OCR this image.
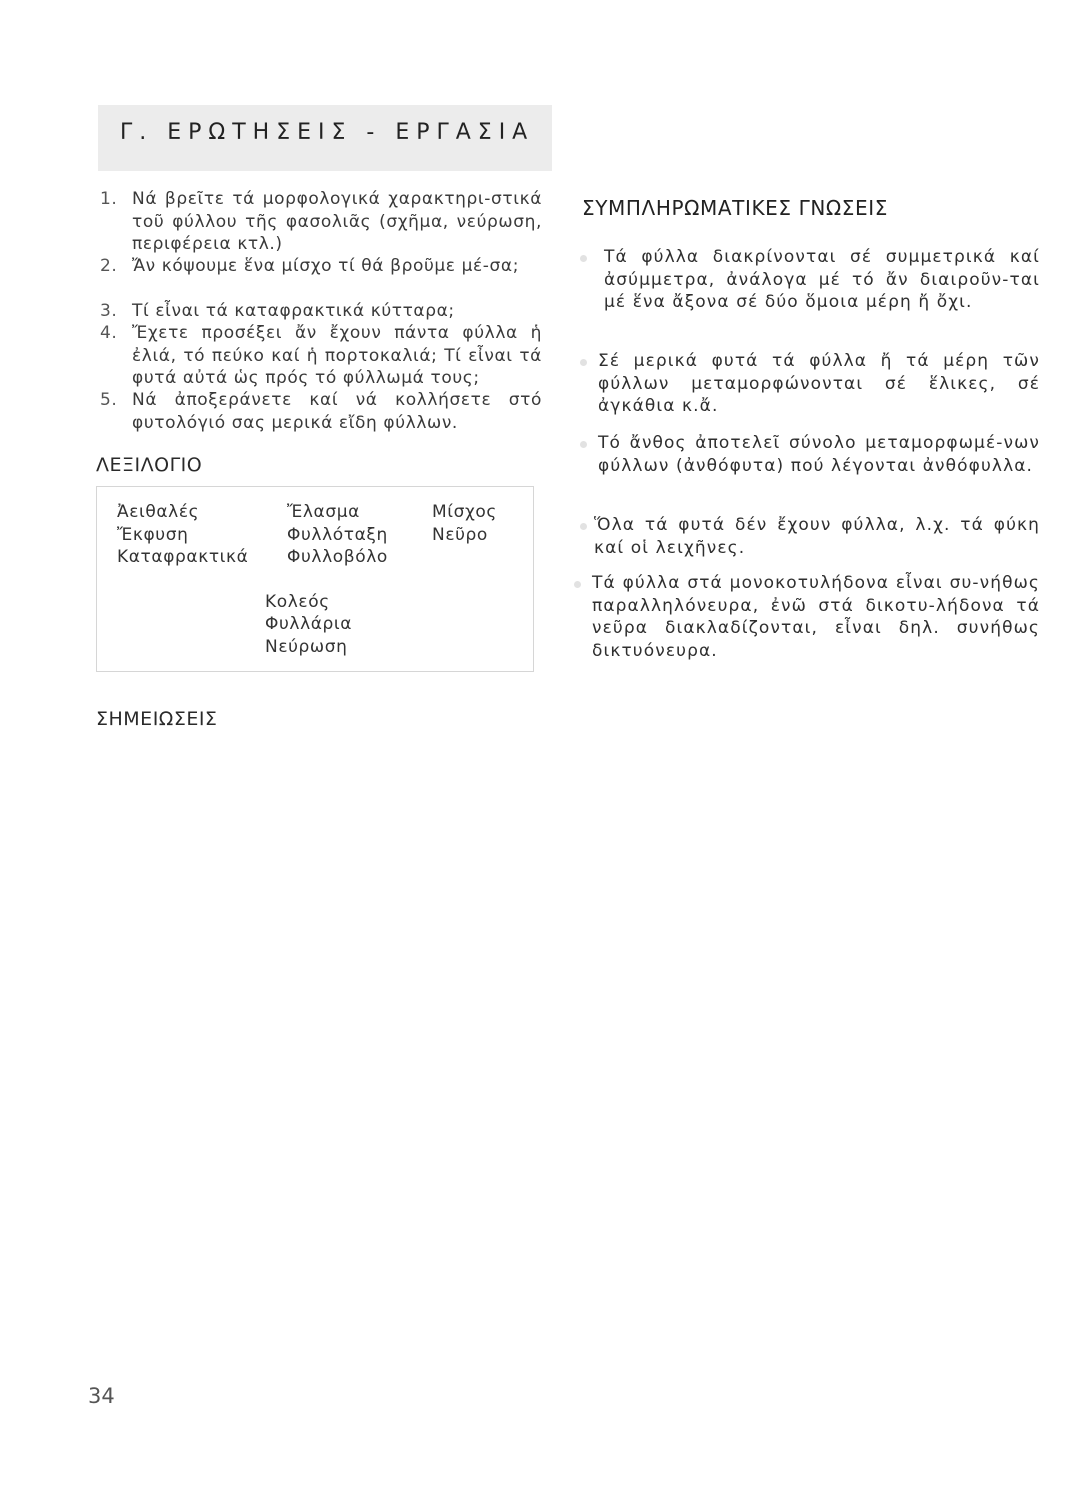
Γ. ΕΡΩΤΗΣΕΙΣ - ΕΡΓΑΣΙΑ
1. Νά βρεῖτε τά μορφολογικά χαρακτηρι-στικά τοῦ φύλλου τῆς φασολιᾶς (σχῆμα, νεύρωση, περιφέρεια κτλ.)
2. Ἄν κόψουμε ἕνα μίσχο τί θά βροῦμε μέ-σα;
3. Τί εἶναι τά καταφρακτικά κύτταρα;
4. Ἔχετε προσέξει ἄν ἔχουν πάντα φύλλα ἡ ἐλιά, τό πεύκο καί ἡ πορτοκαλιά; Τί εἶναι τά φυτά αὐτά ὡς πρός τό φύλλωμά τους;
5. Νά ἀποξεράνετε καί νά κολλήσετε στό φυτολόγιό σας μερικά εἴδη φύλλων.
ΛΕΞΙΛΟΓΙΟ
Ἀειθαλές
Ἔκφυση
Καταφρακτικά
Ἔλασμα
Φυλλόταξη
Φυλλοβόλο
Μίσχος
Νεῦρο
Κολεός
Φυλλάρια
Νεύρωση
ΣΗΜΕΙΩΣΕΙΣ
ΣΥΜΠΛΗΡΩΜΑΤΙΚΕΣ ΓΝΩΣΕΙΣ
Τά φύλλα διακρίνονται σέ συμμετρικά καί ἀσύμμετρα, ἀνάλογα μέ τό ἄν διαιροῦν-ται μέ ἕνα ἄξονα σέ δύο ὅμοια μέρη ἤ ὄχι.
Σέ μερικά φυτά τά φύλλα ἤ τά μέρη τῶν φύλλων μεταμορφώνονται σέ ἕλικες, σέ ἀγκάθια κ.ἄ.
Τό ἄνθος ἀποτελεῖ σύνολο μεταμορφωμέ-νων φύλλων (ἀνθόφυτα) πού λέγονται ἀνθόφυλλα.
Ὅλα τά φυτά δέν ἔχουν φύλλα, λ.χ. τά φύκη καί οἱ λειχῆνες.
Τά φύλλα στά μονοκοτυλήδονα εἶναι συ-νήθως παραλληλόνευρα, ἐνῶ στά δικοτυ-λήδονα τά νεῦρα διακλαδίζονται, εἶναι δηλ. συνήθως δικτυόνευρα.
34
